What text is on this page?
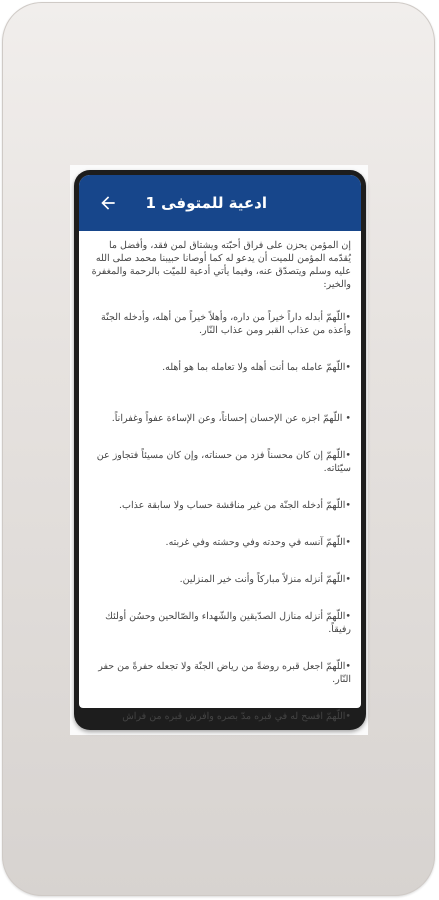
ادعية للمتوفى 1

إن المؤمن يحزن على فراق أحبّته ويشتاق لمن فقد، وأفضل ما يُقدّمه المؤمن للميت أن يدعو له كما أوصانا حبيبنا محمد صلى الله عليه وسلم ويتصدّق عنه، وفيما يأتي أدعية للميّت بالرحمة والمغفرة والخير:

•اللّهمّ أبدله داراً خيراً من داره، وأهلاً خيراً من أهله، وأدخله الجنّة وأعذه من عذاب القبر ومن عذاب النّار.

•اللّهمّ عامله بما أنت أهله ولا تعامله بما هو أهله.

• اللّهمّ اجزه عن الإحسان إحساناً، وعن الإساءة عفواً وغفراناً.

•اللّهمّ إن كان محسناً فزد من حسناته، وإن كان مسيئاً فتجاوز عن سيّئاته.

•اللّهمّ أدخله الجنّة من غير مناقشة حساب ولا سابقة عذاب.

•اللّهمّ آنسه في وحدته وفي وحشته وفي غربته.

•اللّهمّ أنزله منزلاً مباركاً وأنت خير المنزلين.

•اللّهمّ أنزله منازل الصدّيقين والشّهداء والصّالحين وحسُن أولئك رفيقاً.

•اللّهمّ اجعل قبره روضةً من رياض الجنّة ولا تجعله حفرةً من حفر النّار.

•اللّهمّ افسح له في قبره مدّ بصره وافرش قبره من فراش
